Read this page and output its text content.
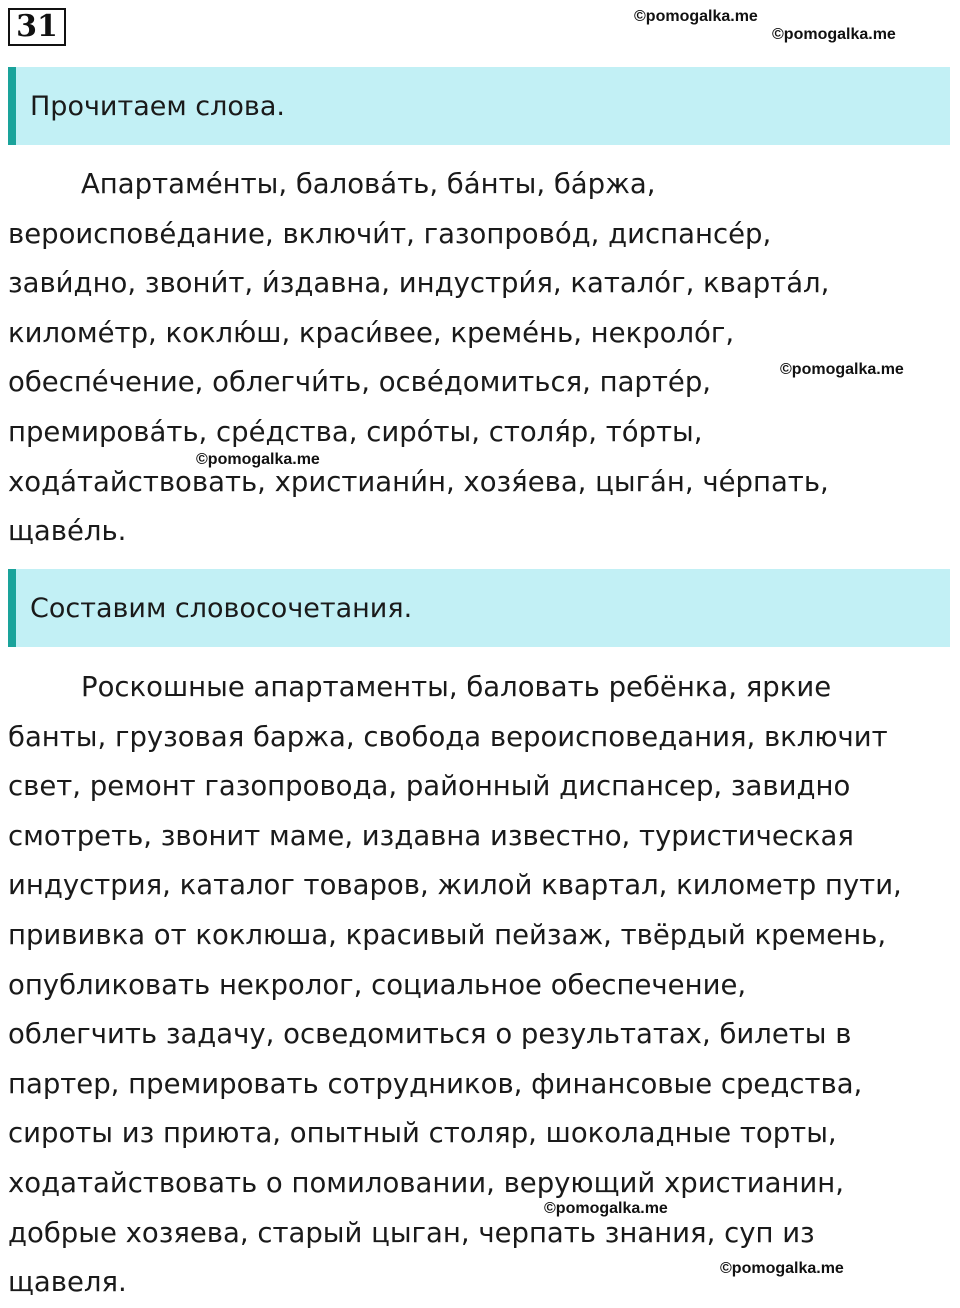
31	©pomogalka.me
©pomogalka.me
Прочитаем слова.
Апартаме́нты, балова́ть, ба́нты, ба́ржа,
вероиспове́дание, включи́т, газопрово́д, диспансе́р,
зави́дно, звони́т, и́здавна, индустри́я, катало́г, кварта́л,
киломе́тр, коклю́ш, краси́вее, креме́нь, некроло́г,
обеспе́чение, облегчи́ть, осве́домиться, парте́р,
премирова́ть, сре́дства, сиро́ты, столя́р, то́рты,
хода́тайствовать, христиани́н, хозя́ева, цыга́н, че́рпать,
щаве́ль.
©pomogalka.me
©pomogalka.me
Составим словосочетания.
Роскошные апартаменты, баловать ребёнка, яркие
банты, грузовая баржа, свобода вероисповедания, включит
свет, ремонт газопровода, районный диспансер, завидно
смотреть, звонит маме, издавна известно, туристическая
индустрия, каталог товаров, жилой квартал, километр пути,
прививка от коклюша, красивый пейзаж, твёрдый кремень,
опубликовать некролог, социальное обеспечение,
облегчить задачу, осведомиться о результатах, билеты в
партер, премировать сотрудников, финансовые средства,
сироты из приюта, опытный столяр, шоколадные торты,
ходатайствовать о помиловании, верующий христианин,
добрые хозяева, старый цыган, черпать знания, суп из
щавеля.
©pomogalka.me
©pomogalka.me
